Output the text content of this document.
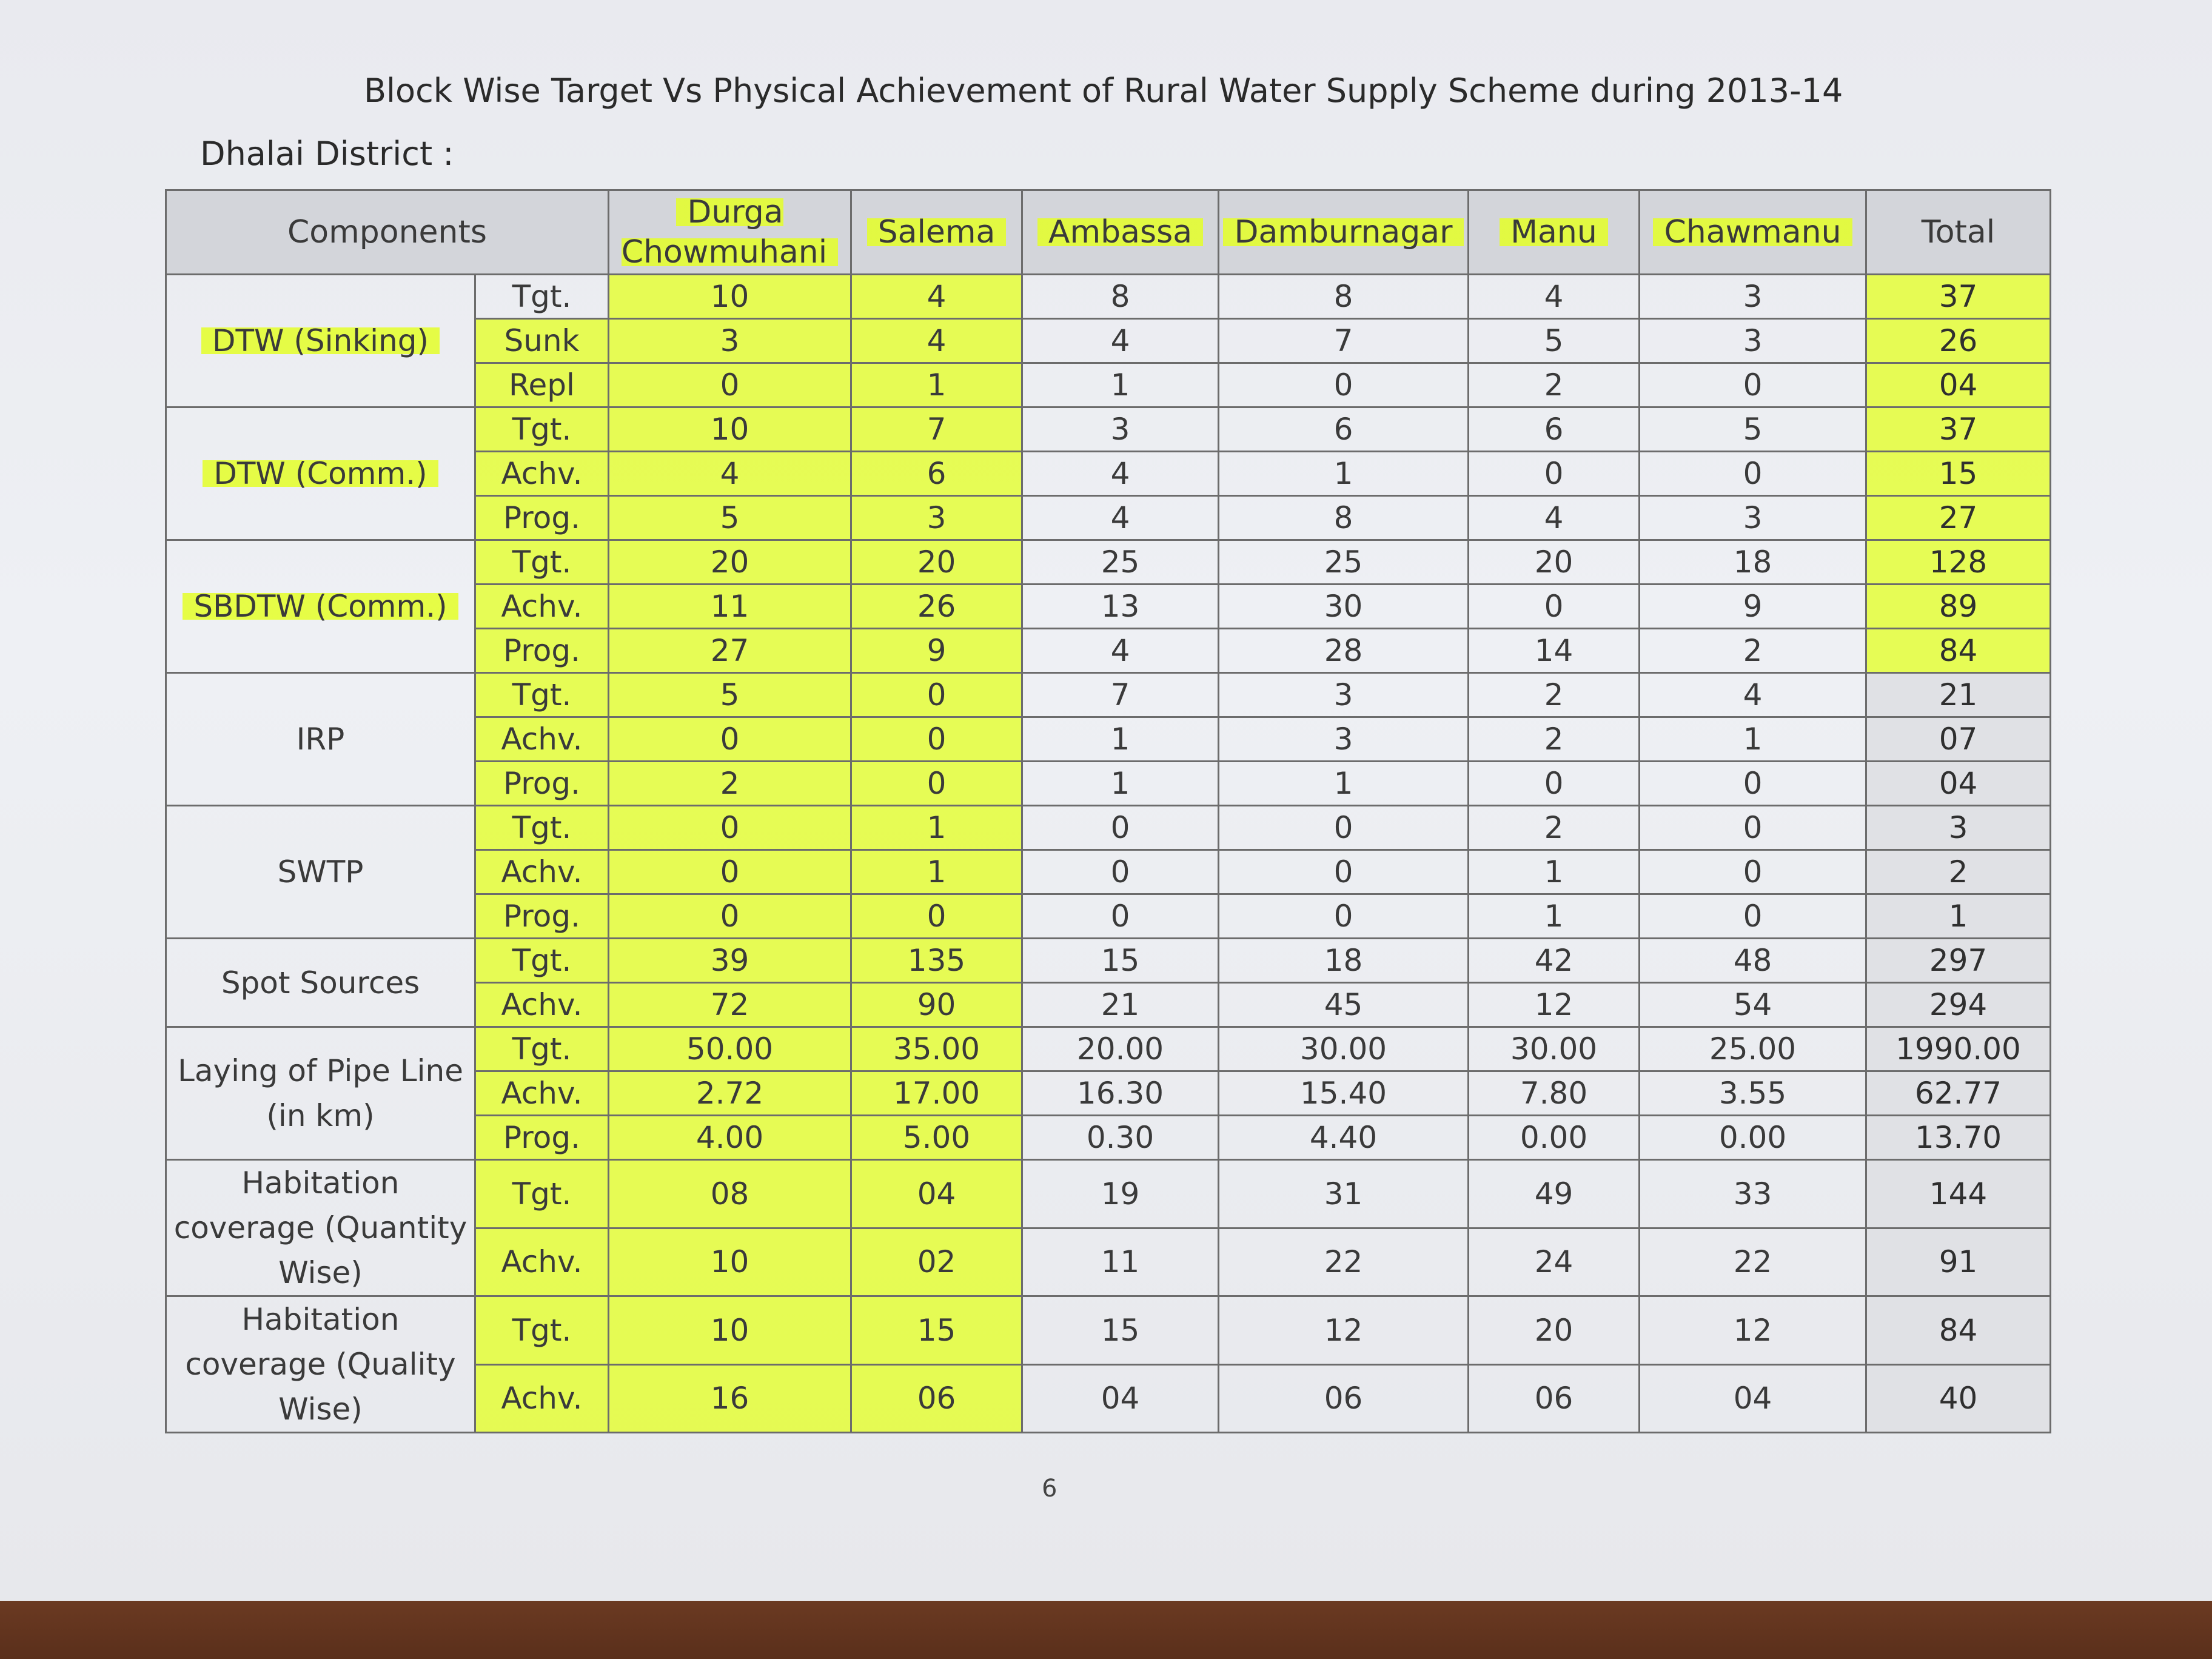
Block Wise Target Vs Physical Achievement of Rural Water Supply Scheme during 2013-14
Dhalai District :
Components		Durga Chowmuhani	Salema	Ambassa	Damburnagar	Manu	Chawmanu	Total
DTW (Sinking)	Tgt.	10	4	8	8	4	3	37
	Sunk	3	4	4	7	5	3	26
	Repl	0	1	1	0	2	0	04
DTW (Comm.)	Tgt.	10	7	3	6	6	5	37
	Achv.	4	6	4	1	0	0	15
	Prog.	5	3	4	8	4	3	27
SBDTW (Comm.)	Tgt.	20	20	25	25	20	18	128
	Achv.	11	26	13	30	0	9	89
	Prog.	27	9	4	28	14	2	84
IRP	Tgt.	5	0	7	3	2	4	21
	Achv.	0	0	1	3	2	1	07
	Prog.	2	0	1	1	0	0	04
SWTP	Tgt.	0	1	0	0	2	0	3
	Achv.	0	1	0	0	1	0	2
	Prog.	0	0	0	0	1	0	1
Spot Sources	Tgt.	39	135	15	18	42	48	297
	Achv.	72	90	21	45	12	54	294
Laying of Pipe Line (in km)	Tgt.	50.00	35.00	20.00	30.00	30.00	25.00	1990.00
	Achv.	2.72	17.00	16.30	15.40	7.80	3.55	62.77
	Prog.	4.00	5.00	0.30	4.40	0.00	0.00	13.70
Habitation coverage (Quantity Wise)	Tgt.	08	04	19	31	49	33	144
	Achv.	10	02	11	22	24	22	91
Habitation coverage (Quality Wise)	Tgt.	10	15	15	12	20	12	84
	Achv.	16	06	04	06	06	04	40
6
